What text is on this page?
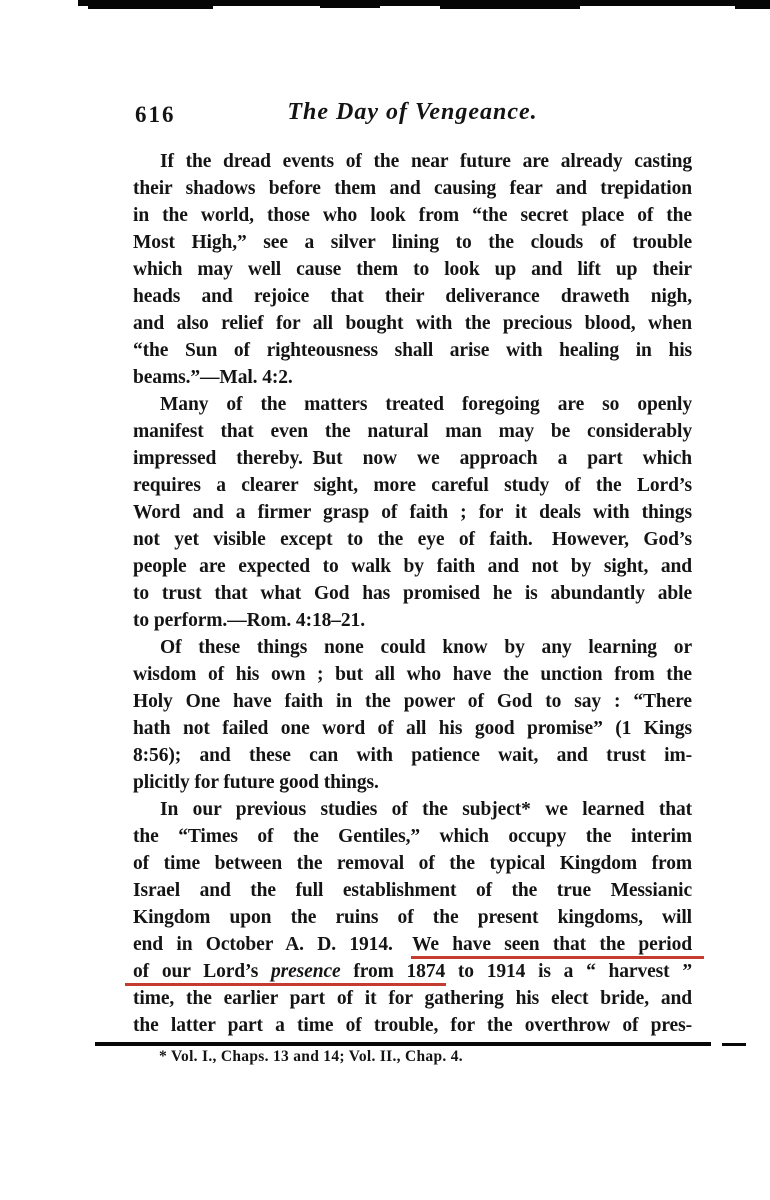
616	The Day of Vengeance.
If the dread events of the near future are already casting
their shadows before them and causing fear and trepidation
in the world, those who look from “the secret place of the
Most High,” see a silver lining to the clouds of trouble
which may well cause them to look up and lift up their
heads and rejoice that their deliverance draweth nigh,
and also relief for all bought with the precious blood, when
“the Sun of righteousness shall arise with healing in his
beams.”—Mal. 4:2.
Many of the matters treated foregoing are so openly
manifest that even the natural man may be considerably
impressed thereby. But now we approach a part which
requires a clearer sight, more careful study of the Lord’s
Word and a firmer grasp of faith ; for it deals with things
not yet visible except to the eye of faith.  However, God’s
people are expected to walk by faith and not by sight, and
to trust that what God has promised he is abundantly able
to perform.—Rom. 4:18–21.
Of these things none could know by any learning or
wisdom of his own ; but all who have the unction from the
Holy One have faith in the power of God to say : “There
hath not failed one word of all his good promise” (1 Kings
8:56); and these can with patience wait, and trust im-
plicitly for future good things.
In our previous studies of the subject* we learned that
the “Times of the Gentiles,” which occupy the interim
of time between the removal of the typical Kingdom from
Israel and the full establishment of the true Messianic
Kingdom upon the ruins of the present kingdoms, will
end in October A. D. 1914.  We have seen that the period
of our Lord’s presence from 1874 to 1914 is a “ harvest ”
time, the earlier part of it for gathering his elect bride, and
the latter part a time of trouble, for the overthrow of pres-
* Vol. I., Chaps. 13 and 14; Vol. II., Chap. 4.
